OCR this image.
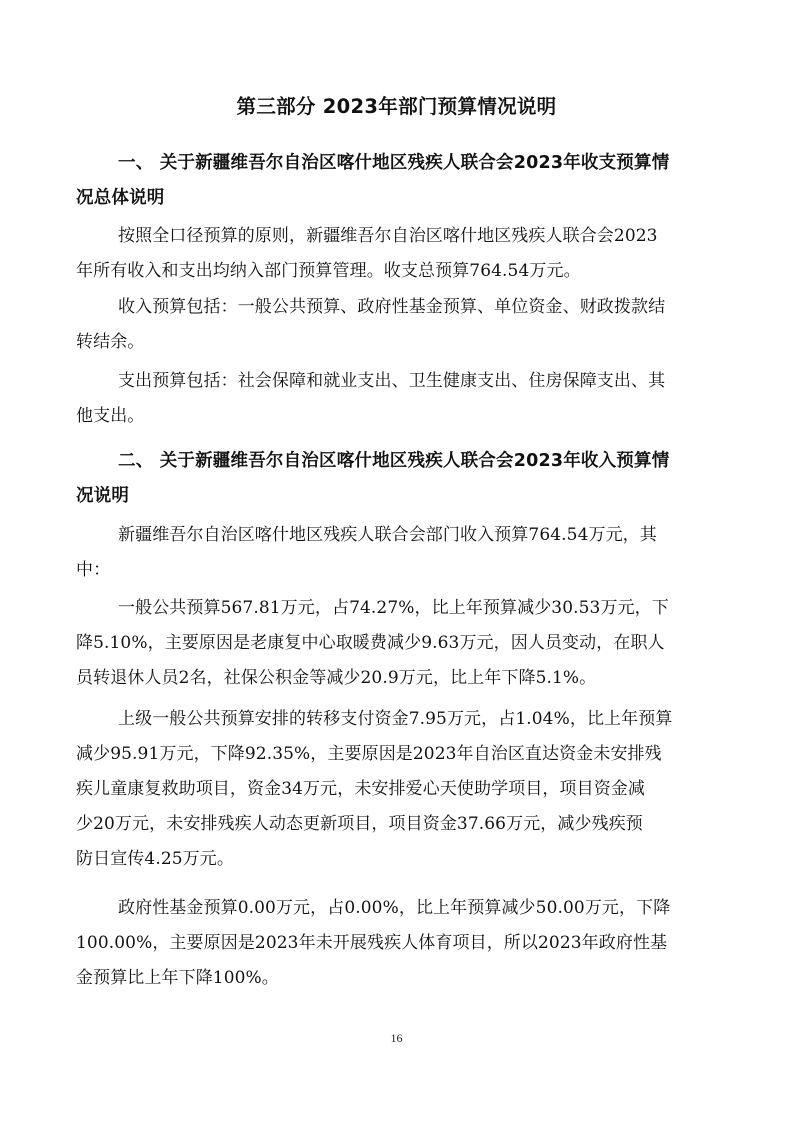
第三部分 2023年部门预算情况说明
一、 关于新疆维吾尔自治区喀什地区残疾人联合会2023年收支预算情
况总体说明
按照全口径预算的原则，新疆维吾尔自治区喀什地区残疾人联合会2023
年所有收入和支出均纳入部门预算管理。收支总预算764.54万元。
收入预算包括：一般公共预算、政府性基金预算、单位资金、财政拨款结
转结余。
支出预算包括：社会保障和就业支出、卫生健康支出、住房保障支出、其
他支出。
二、 关于新疆维吾尔自治区喀什地区残疾人联合会2023年收入预算情
况说明
新疆维吾尔自治区喀什地区残疾人联合会部门收入预算764.54万元，其
中：
一般公共预算567.81万元，占74.27%，比上年预算减少30.53万元，下
降5.10%，主要原因是老康复中心取暖费减少9.63万元，因人员变动，在职人
员转退休人员2名，社保公积金等减少20.9万元，比上年下降5.1%。
上级一般公共预算安排的转移支付资金7.95万元，占1.04%，比上年预算
减少95.91万元，下降92.35%，主要原因是2023年自治区直达资金未安排残
疾儿童康复救助项目，资金34万元，未安排爱心天使助学项目，项目资金减
少20万元，未安排残疾人动态更新项目，项目资金37.66万元，减少残疾预
防日宣传4.25万元。
政府性基金预算0.00万元，占0.00%，比上年预算减少50.00万元，下降
100.00%，主要原因是2023年未开展残疾人体育项目，所以2023年政府性基
金预算比上年下降100%。
16
